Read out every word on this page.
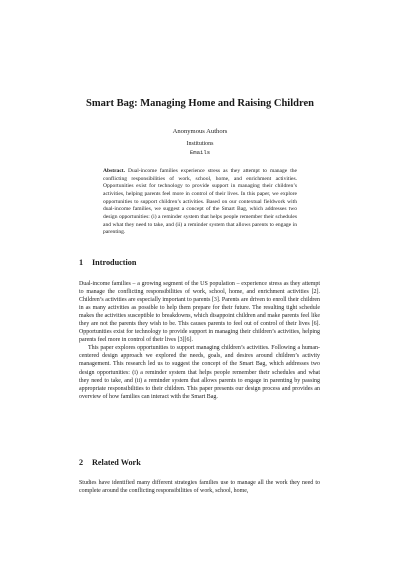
Smart Bag: Managing Home and Raising Children
Anonymous Authors
Institutions
Emails
Abstract. Dual-income families experience stress as they attempt to manage the conflicting responsibilities of work, school, home, and enrichment activities. Opportunities exist for technology to provide support in managing their children’s activities, helping parents feel more in control of their lives. In this paper, we explore opportunities to support children’s activities. Based on our contextual fieldwork with dual-income families, we suggest a concept of the Smart Bag, which addresses two design opportunities: (i) a reminder system that helps people remember their schedules and what they need to take, and (ii) a reminder system that allows parents to engage in parenting.
1 Introduction

Dual-income families – a growing segment of the US population – experience stress as they attempt to manage the conflicting responsibilities of work, school, home, and enrichment activities [2]. Children’s activities are especially important to parents [3]. Parents are driven to enroll their children in as many activities as possible to help them prepare for their future. The resulting tight schedule makes the activities susceptible to breakdowns, which disappoint children and make parents feel like they are not the parents they wish to be. This causes parents to feel out of control of their lives [6]. Opportunities exist for technology to provide support in managing their children’s activities, helping parents feel more in control of their lives [3][6].

This paper explores opportunities to support managing children’s activities. Following a human-centered design approach we explored the needs, goals, and desires around children’s activity management. This research led us to suggest the concept of the Smart Bag, which addresses two design opportunities: (i) a reminder system that helps people remember their schedules and what they need to take, and (ii) a reminder system that allows parents to engage in parenting by passing appropriate responsibilities to their children. This paper presents our design process and provides an overview of how families can interact with the Smart Bag.

2 Related Work

Studies have identified many different strategies families use to manage all the work they need to complete around the conflicting responsibilities of work, school, home,
